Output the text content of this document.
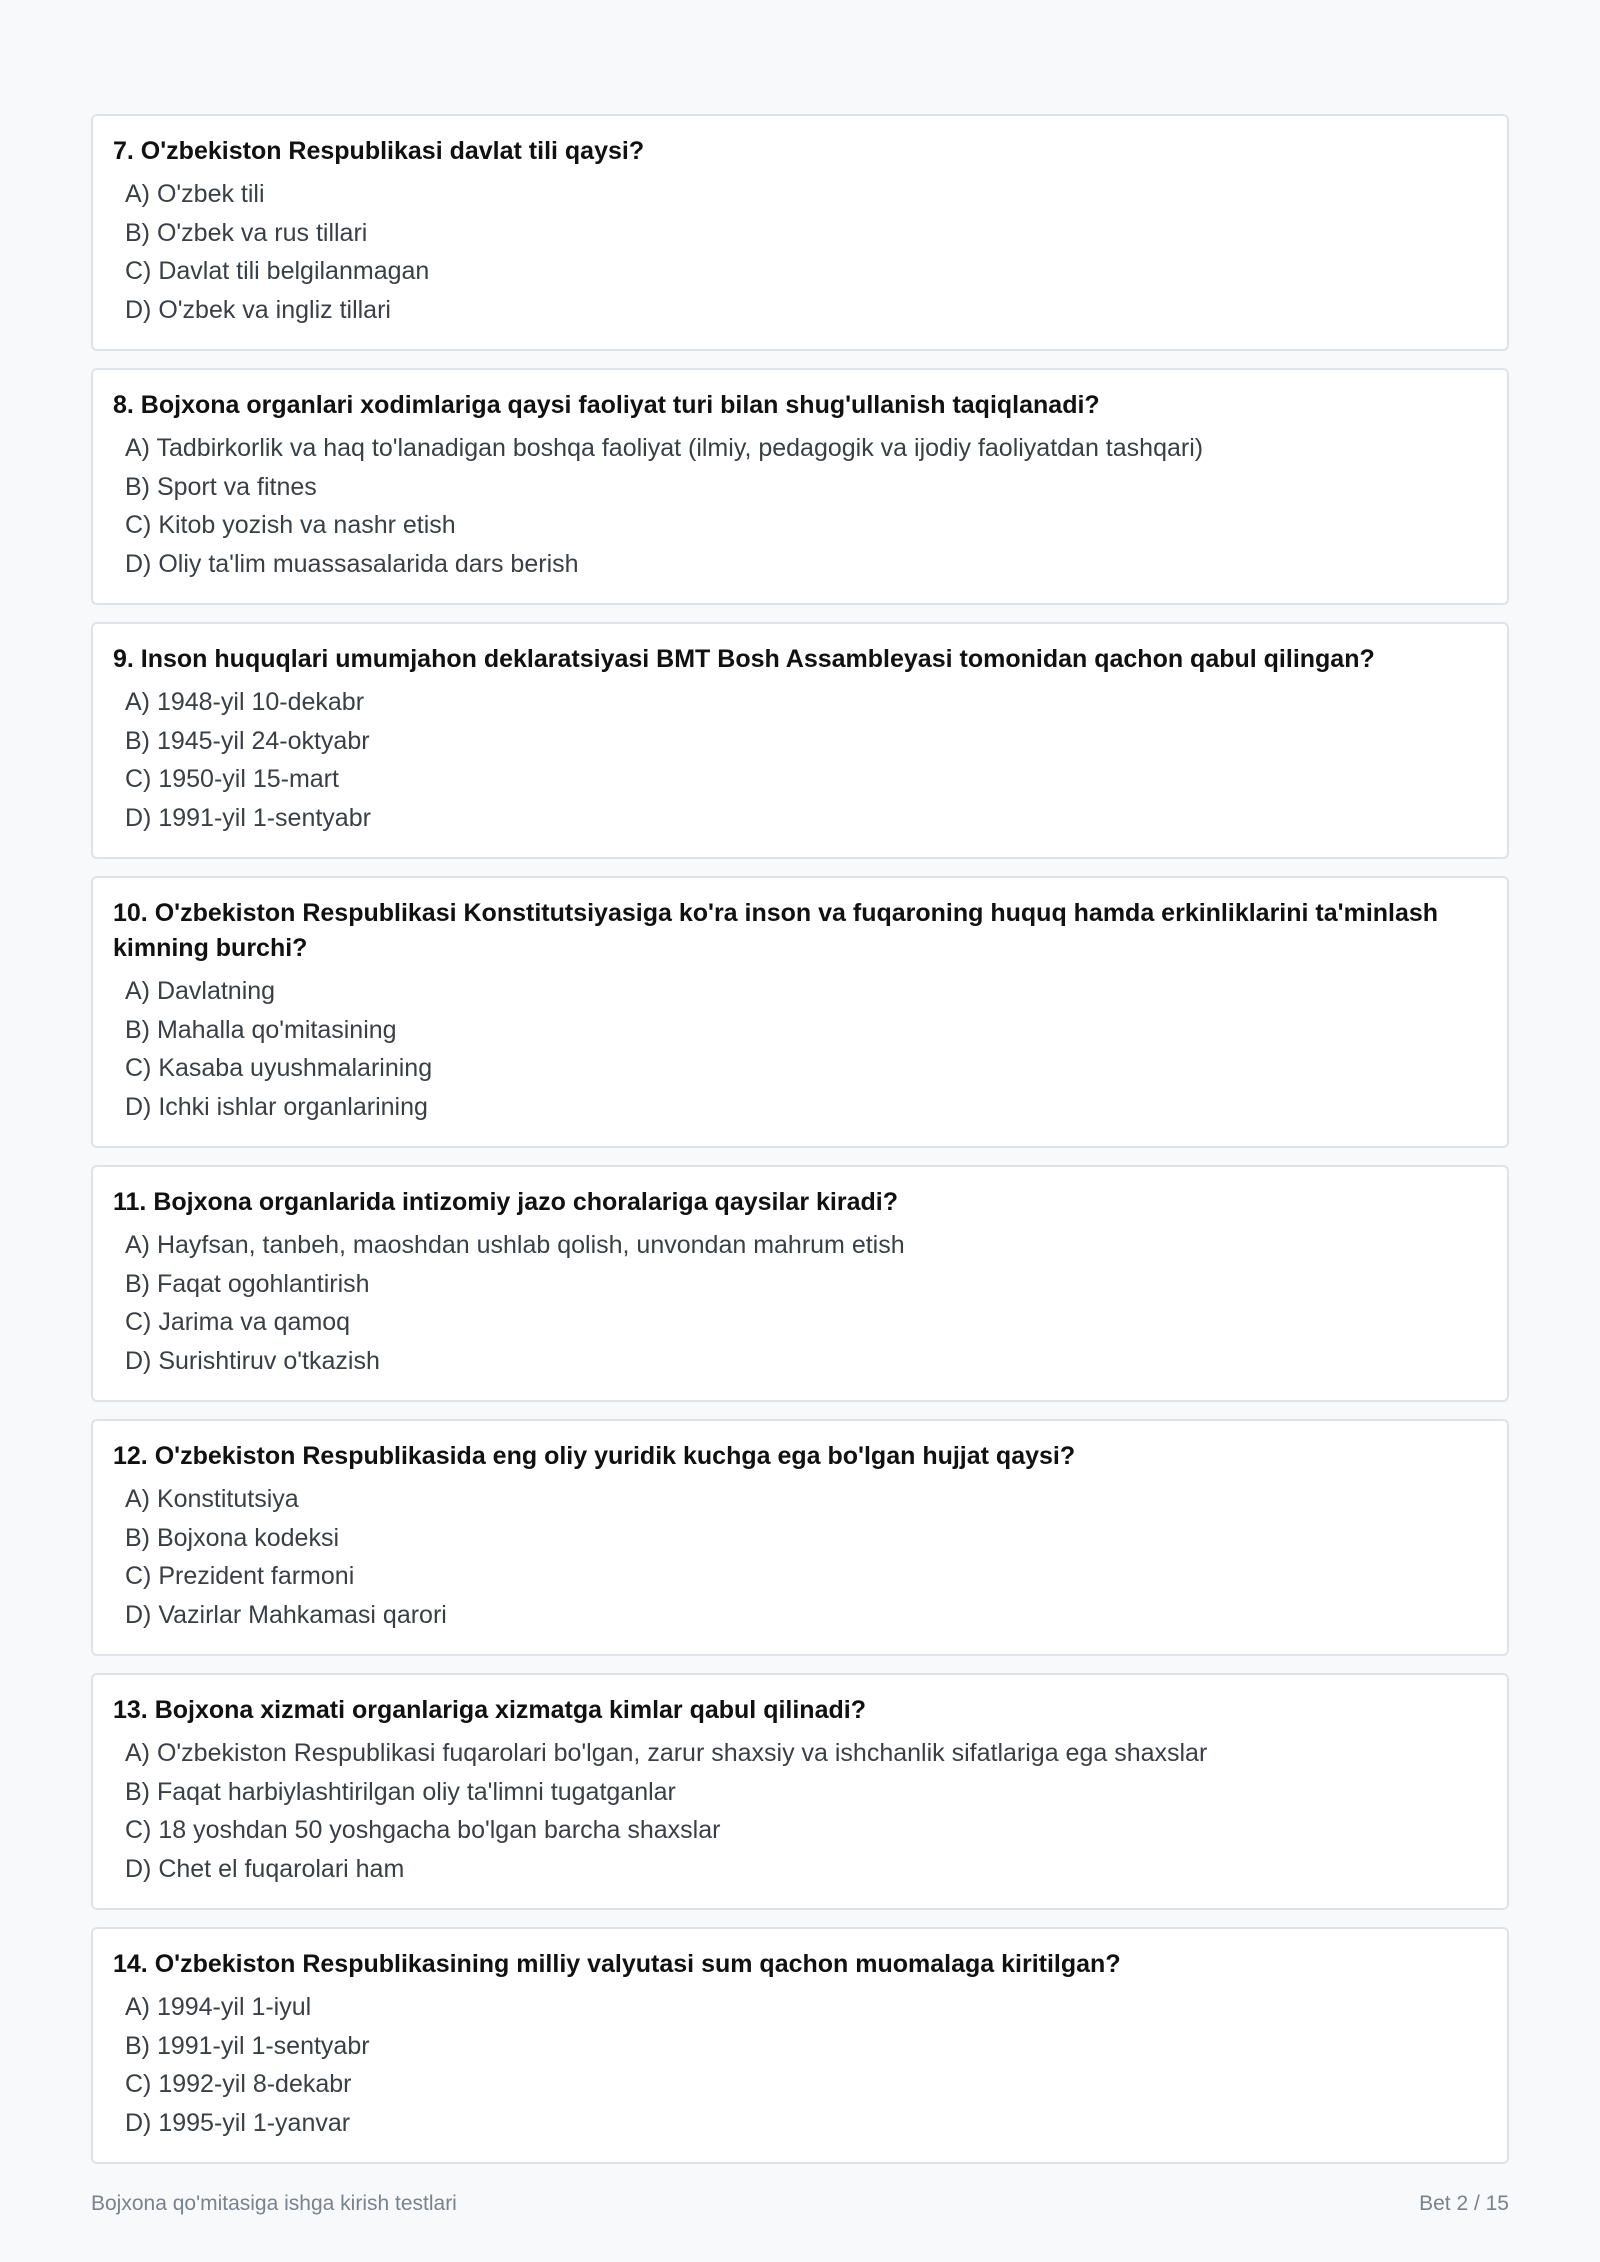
7. O'zbekiston Respublikasi davlat tili qaysi?
A) O'zbek tili
B) O'zbek va rus tillari
C) Davlat tili belgilanmagan
D) O'zbek va ingliz tillari
8. Bojxona organlari xodimlariga qaysi faoliyat turi bilan shug'ullanish taqiqlanadi?
A) Tadbirkorlik va haq to'lanadigan boshqa faoliyat (ilmiy, pedagogik va ijodiy faoliyatdan tashqari)
B) Sport va fitnes
C) Kitob yozish va nashr etish
D) Oliy ta'lim muassasalarida dars berish
9. Inson huquqlari umumjahon deklaratsiyasi BMT Bosh Assambleyasi tomonidan qachon qabul qilingan?
A) 1948-yil 10-dekabr
B) 1945-yil 24-oktyabr
C) 1950-yil 15-mart
D) 1991-yil 1-sentyabr
10. O'zbekiston Respublikasi Konstitutsiyasiga ko'ra inson va fuqaroning huquq hamda erkinliklarini ta'minlash kimning burchi?
A) Davlatning
B) Mahalla qo'mitasining
C) Kasaba uyushmalarining
D) Ichki ishlar organlarining
11. Bojxona organlarida intizomiy jazo choralariga qaysilar kiradi?
A) Hayfsan, tanbeh, maoshdan ushlab qolish, unvondan mahrum etish
B) Faqat ogohlantirish
C) Jarima va qamoq
D) Surishtiruv o'tkazish
12. O'zbekiston Respublikasida eng oliy yuridik kuchga ega bo'lgan hujjat qaysi?
A) Konstitutsiya
B) Bojxona kodeksi
C) Prezident farmoni
D) Vazirlar Mahkamasi qarori
13. Bojxona xizmati organlariga xizmatga kimlar qabul qilinadi?
A) O'zbekiston Respublikasi fuqarolari bo'lgan, zarur shaxsiy va ishchanlik sifatlariga ega shaxslar
B) Faqat harbiylashtirilgan oliy ta'limni tugatganlar
C) 18 yoshdan 50 yoshgacha bo'lgan barcha shaxslar
D) Chet el fuqarolari ham
14. O'zbekiston Respublikasining milliy valyutasi sum qachon muomalaga kiritilgan?
A) 1994-yil 1-iyul
B) 1991-yil 1-sentyabr
C) 1992-yil 8-dekabr
D) 1995-yil 1-yanvar
Bojxona qo'mitasiga ishga kirish testlari	Bet 2 / 15
